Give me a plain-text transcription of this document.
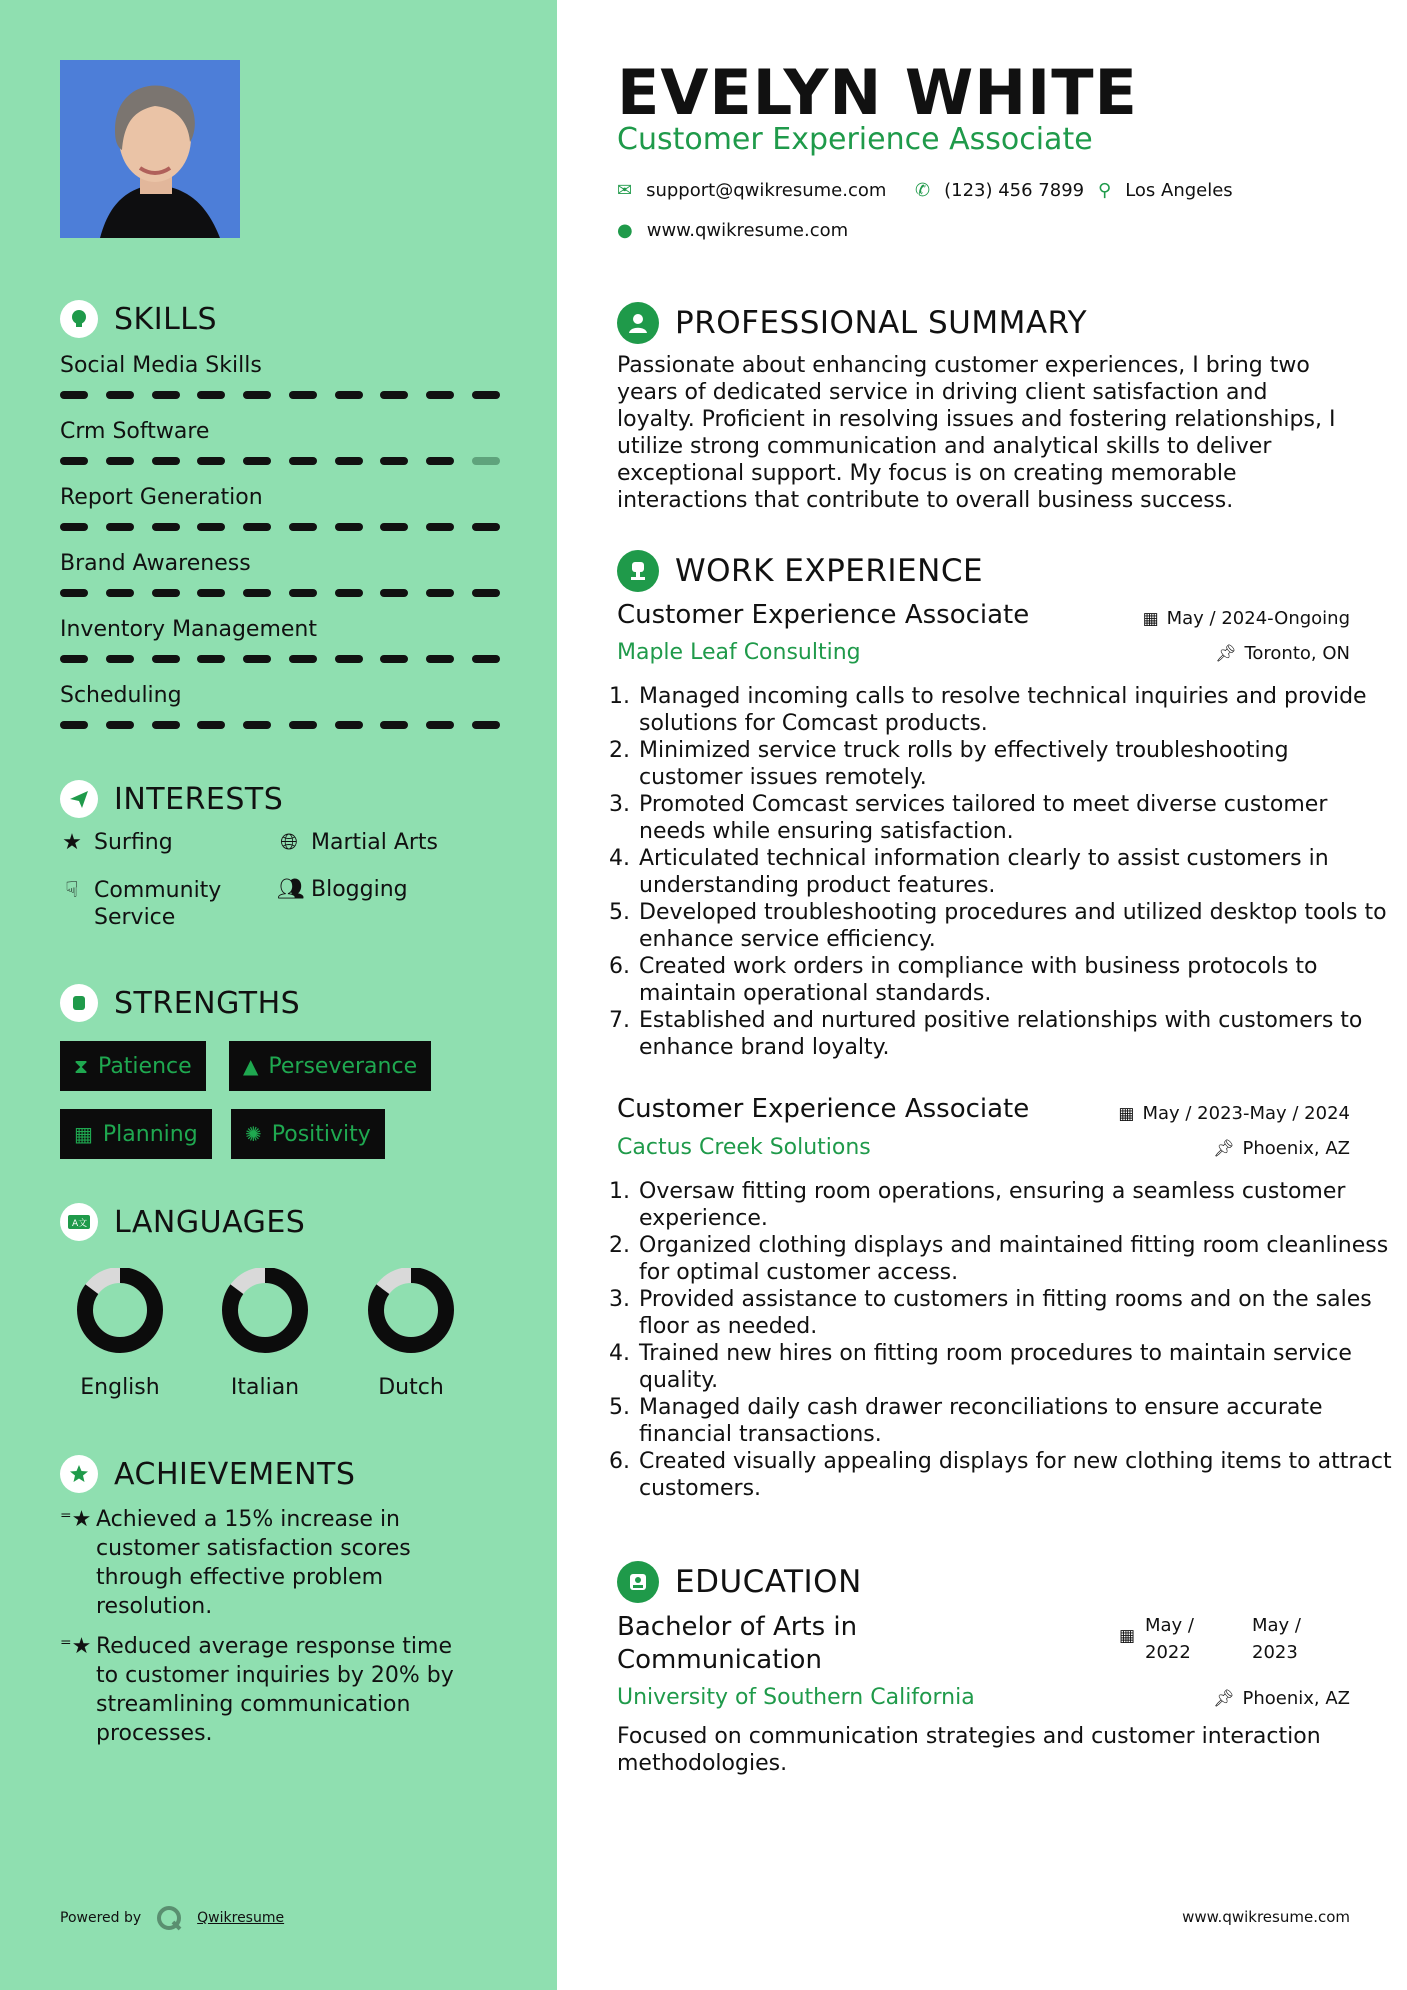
SKILLS
Social Media Skills
Crm Software
Report Generation
Brand Awareness
Inventory Management
Scheduling
INTERESTS
★ Surfing	🌐︎ Martial Arts
☟ Community Service
👥︎ Blogging
STRENGTHS
⧗ Patience	▲ Perseverance
▦ Planning ✺ Positivity
A文 LANGUAGES
English	Italian	Dutch
ACHIEVEMENTS
⁼★ Achieved a 15% increase in customer satisfaction scores through effective problem resolution.
⁼★ Reduced average response time to customer inquiries by 20% by streamlining communication processes.
Powered by	Qwikresume
EVELYN WHITE
Customer Experience Associate
✉ support@qwikresume.com ✆ (123) 456 7899 ⚲ Los Angeles
● www.qwikresume.com
PROFESSIONAL SUMMARY
Passionate about enhancing customer experiences, I bring two years of dedicated service in driving client satisfaction and loyalty. Proficient in resolving issues and fostering relationships, I utilize strong communication and analytical skills to deliver exceptional support. My focus is on creating memorable interactions that contribute to overall business success.
WORK EXPERIENCE
Customer Experience Associate	▦ May / 2024-Ongoing
Maple Leaf Consulting	📌︎ Toronto, ON
1. Managed incoming calls to resolve technical inquiries and provide solutions for Comcast products.
2. Minimized service truck rolls by effectively troubleshooting customer issues remotely.
3. Promoted Comcast services tailored to meet diverse customer needs while ensuring satisfaction.
4. Articulated technical information clearly to assist customers in understanding product features.
5. Developed troubleshooting procedures and utilized desktop tools to enhance service efficiency.
6. Created work orders in compliance with business protocols to maintain operational standards.
7. Established and nurtured positive relationships with customers to enhance brand loyalty.
Customer Experience Associate	▦ May / 2023-May / 2024
Cactus Creek Solutions	📌︎ Phoenix, AZ
1. Oversaw fitting room operations, ensuring a seamless customer experience.
2. Organized clothing displays and maintained fitting room cleanliness for optimal customer access.
3. Provided assistance to customers in fitting rooms and on the sales floor as needed.
4. Trained new hires on fitting room procedures to maintain service quality.
5. Managed daily cash drawer reconciliations to ensure accurate financial transactions.
6. Created visually appealing displays for new clothing items to attract customers.
EDUCATION
Bachelor of Arts in
Communication
▦ May /
2022
May /
2023
University of Southern California	📌︎ Phoenix, AZ
Focused on communication strategies and customer interaction methodologies.
www.qwikresume.com
